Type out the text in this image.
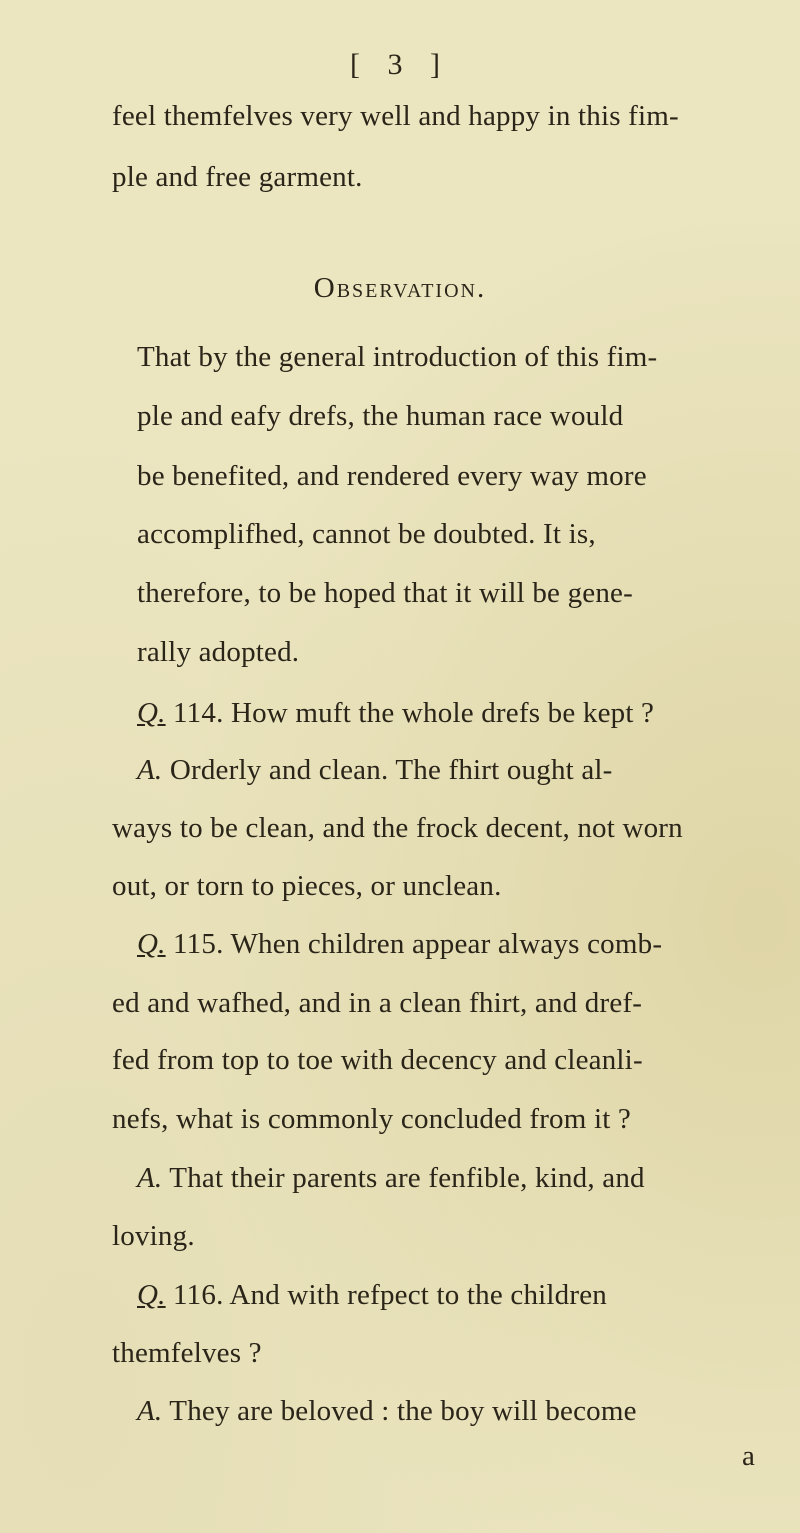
[ 3 ]
feel themfelves very well and happy in this fim-
ple and free garment.
Observation.
That by the general introduction of this fim-
ple and eafy drefs, the human race would
be benefited, and rendered every way more
accomplifhed, cannot be doubted. It is,
therefore, to be hoped that it will be gene-
rally adopted.
Q. 114. How muft the whole drefs be kept ?
A. Orderly and clean. The fhirt ought al-
ways to be clean, and the frock decent, not worn
out, or torn to pieces, or unclean.
Q. 115. When children appear always comb-
ed and wafhed, and in a clean fhirt, and dref-
fed from top to toe with decency and cleanli-
nefs, what is commonly concluded from it ?
A. That their parents are fenfible, kind, and
loving.
Q. 116. And with refpect to the children
themfelves ?
A. They are beloved : the boy will become
a
